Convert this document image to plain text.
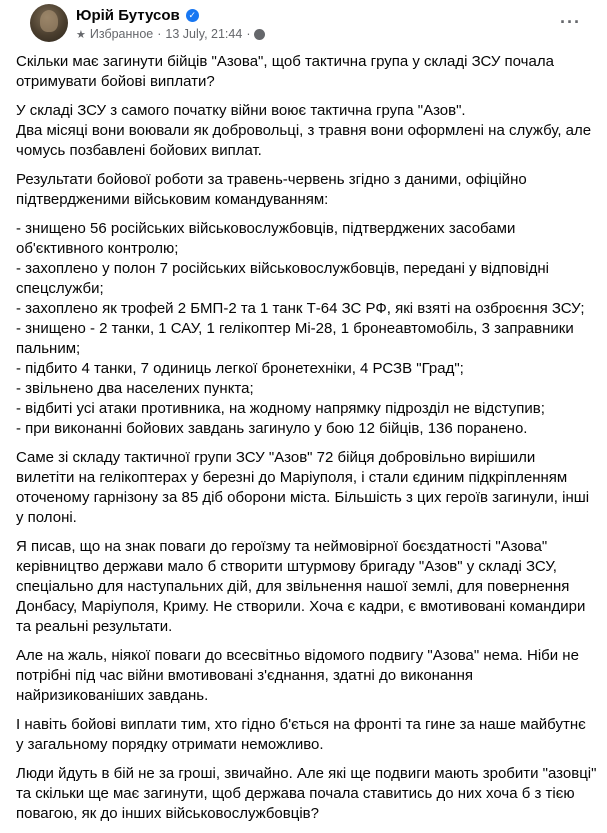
Юрій Бутусов ✓
★ Избранное · 13 July, 21:44 ·
···

Скільки має загинути бійців "Азова", щоб тактична група у складі ЗСУ почала отримувати бойові виплати?

У складі ЗСУ з самого початку війни воює тактична група "Азов".
Два місяці вони воювали як добровольці, з травня вони оформлені на службу, але чомусь позбавлені бойових виплат.

Результати бойової роботи за травень-червень згідно з даними, офіційно підтвердженими військовим командуванням:

- знищено 56 російських військовослужбовців, підтверджених засобами об'єктивного контролю;
- захоплено у полон 7 російських військовослужбовців, передані у відповідні спецслужби;
- захоплено як трофей 2 БМП-2 та 1 танк Т-64 ЗС РФ, які взяті на озброєння ЗСУ;
- знищено - 2 танки, 1 САУ, 1 гелікоптер Мі-28, 1 бронеавтомобіль, 3 заправники пальним;
- підбито 4 танки, 7 одиниць легкої бронетехніки, 4 РСЗВ "Град";
- звільнено два населених пункта;
- відбиті усі атаки противника, на жодному напрямку підрозділ не відступив;
- при виконанні бойових завдань загинуло у бою 12 бійців, 136 поранено.

Саме зі складу тактичної групи ЗСУ "Азов" 72 бійця добровільно вирішили вилетіти на гелікоптерах у березні до Маріуполя, і стали єдиним підкріпленням оточеному гарнізону за 85 діб оборони міста. Більшість з цих героїв загинули, інші у полоні.

Я писав, що на знак поваги до героїзму та неймовірної боєздатності "Азова" керівництво держави мало б створити штурмову бригаду "Азов" у складі ЗСУ, спеціально для наступальних дій, для звільнення нашої землі, для повернення Донбасу, Маріуполя, Криму. Не створили. Хоча є кадри, є вмотивовані командири та реальні результати.

Але на жаль, ніякої поваги до всесвітньо відомого подвигу "Азова" нема. Ніби не потрібні під час війни вмотивовані з'єднання, здатні до виконання найризикованіших завдань.

І навіть бойові виплати тим, хто гідно б'ється на фронті та гине за наше майбутнє у загальному порядку отримати неможливо.

Люди йдуть в бій не за гроші, звичайно. Але які ще подвиги мають зробити "азовці" та скільки ще має загинути, щоб держава почала ставитись до них хоча б з тією повагою, як до інших військовослужбовців?
